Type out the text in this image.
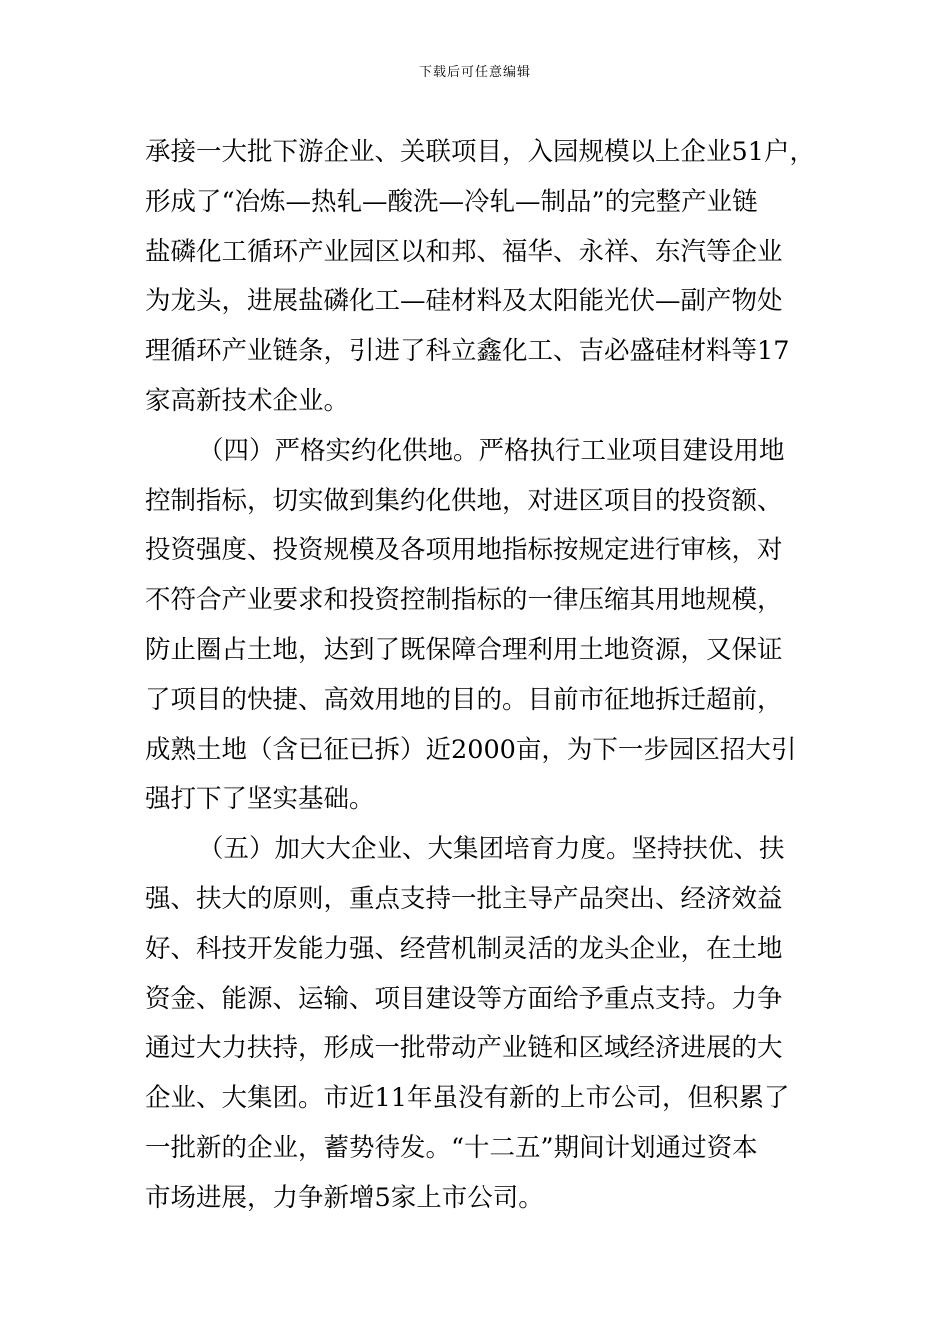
下载后可任意编辑
承接一大批下游企业、关联项目，入园规模以上企业51户，
形成了“冶炼—热轧—酸洗—冷轧—制品”的完整产业链
盐磷化工循环产业园区以和邦、福华、永祥、东汽等企业
为龙头，进展盐磷化工—硅材料及太阳能光伏—副产物处
理循环产业链条，引进了科立鑫化工、吉必盛硅材料等17
家高新技术企业。
（四）严格实约化供地。严格执行工业项目建设用地
控制指标，切实做到集约化供地，对进区项目的投资额、
投资强度、投资规模及各项用地指标按规定进行审核，对
不符合产业要求和投资控制指标的一律压缩其用地规模，
防止圈占土地，达到了既保障合理利用土地资源，又保证
了项目的快捷、高效用地的目的。目前市征地拆迁超前，
成熟土地（含已征已拆）近2000亩，为下一步园区招大引
强打下了坚实基础。
（五）加大大企业、大集团培育力度。坚持扶优、扶
强、扶大的原则，重点支持一批主导产品突出、经济效益
好、科技开发能力强、经营机制灵活的龙头企业，在土地
资金、能源、运输、项目建设等方面给予重点支持。力争
通过大力扶持，形成一批带动产业链和区域经济进展的大
企业、大集团。市近11年虽没有新的上市公司，但积累了
一批新的企业，蓄势待发。“十二五”期间计划通过资本
市场进展，力争新增5家上市公司。
